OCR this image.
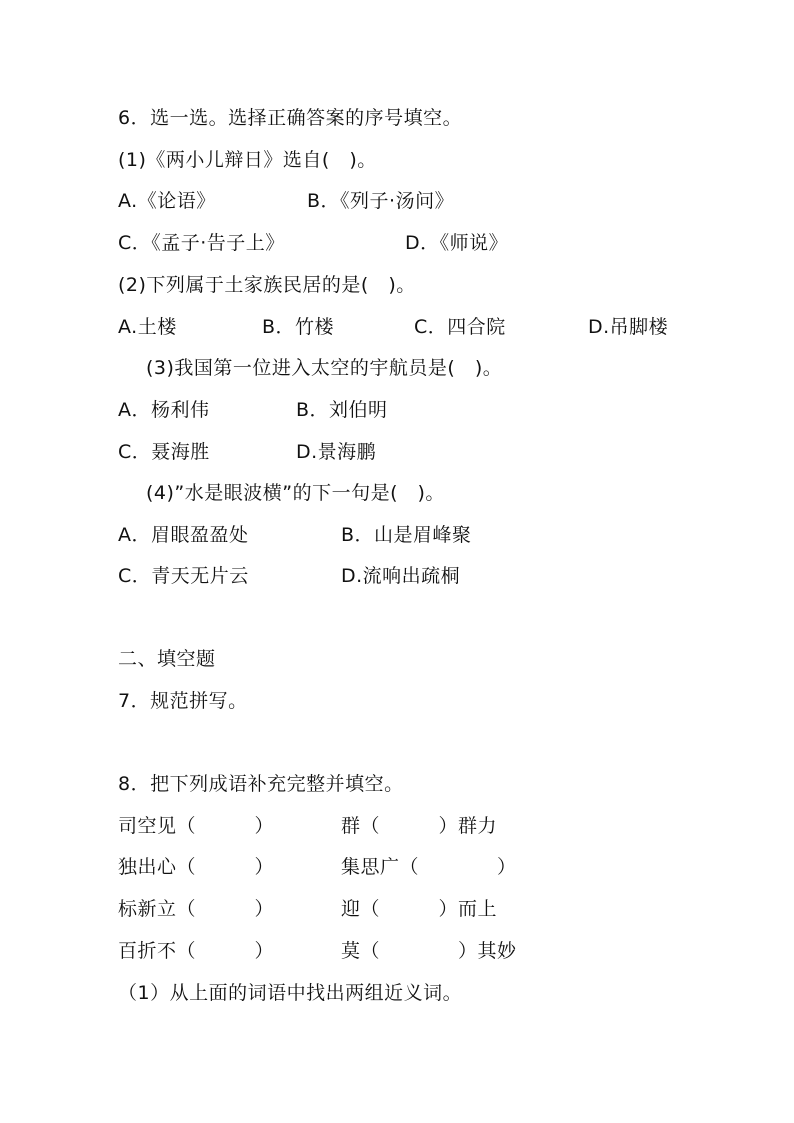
6．选一选。选择正确答案的序号填空。
(1)《两小儿辩日》选自(　)。
A.《论语》	B．《列子·汤问》
C．《孟子·告子上》	D．《师说》
(2)下列属于土家族民居的是(　)。
A.土楼	B．竹楼	C．四合院	D.吊脚楼
(3)我国第一位进入太空的宇航员是(　)。
A．杨利伟	B．刘伯明
C．聂海胜	D.景海鹏
(4)”水是眼波横”的下一句是(　)。
A．眉眼盈盈处	B．山是眉峰聚
C．青天无片云	D.流响出疏桐
二、填空题
7．规范拼写。
8．把下列成语补充完整并填空。
司空见（　　　）	群（　　　）群力
独出心（　　　）	集思广（　　　　）
标新立（　　　）	迎（　　　）而上
百折不（　　　）	莫（　　　　）其妙
（1）从上面的词语中找出两组近义词。
